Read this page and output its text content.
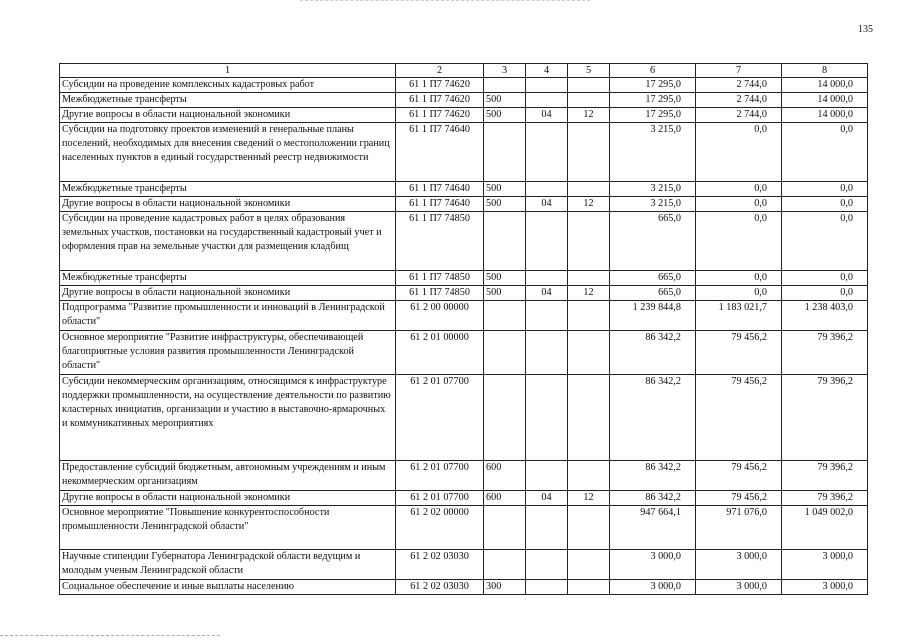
135
1	2	3	4	5	6	7	8
Субсидии на проведение комплексных кадастровых работ	61 1 П7 74620				17 295,0	2 744,0	14 000,0
Межбюджетные трансферты	61 1 П7 74620	500			17 295,0	2 744,0	14 000,0
Другие вопросы в области национальной экономики	61 1 П7 74620	500	04	12	17 295,0	2 744,0	14 000,0
Субсидии на подготовку проектов изменений в генеральные планы поселений, необходимых для внесения сведений о местоположении границ населенных пунктов в единый государственный реестр недвижимости	61 1 П7 74640				3 215,0	0,0	0,0
Межбюджетные трансферты	61 1 П7 74640	500			3 215,0	0,0	0,0
Другие вопросы в области национальной экономики	61 1 П7 74640	500	04	12	3 215,0	0,0	0,0
Субсидии на проведение кадастровых работ в целях образования земельных участков, постановки на государственный кадастровый учет и оформления прав на земельные участки для размещения кладбищ	61 1 П7 74850				665,0	0,0	0,0
Межбюджетные трансферты	61 1 П7 74850	500			665,0	0,0	0,0
Другие вопросы в области национальной экономики	61 1 П7 74850	500	04	12	665,0	0,0	0,0
Подпрограмма "Развитие промышленности и инноваций в Ленинградской области"	61 2 00 00000				1 239 844,8	1 183 021,7	1 238 403,0
Основное мероприятие "Развитие инфраструктуры, обеспечивающей благоприятные условия развития промышленности Ленинградской области"	61 2 01 00000				86 342,2	79 456,2	79 396,2
Субсидии некоммерческим организациям, относящимся к инфраструктуре поддержки промышленности, на осуществление деятельности по развитию кластерных инициатив, организации и участию в выставочно-ярмарочных и коммуникативных мероприятиях	61 2 01 07700				86 342,2	79 456,2	79 396,2
Предоставление субсидий бюджетным, автономным учреждениям и иным некоммерческим организациям	61 2 01 07700	600			86 342,2	79 456,2	79 396,2
Другие вопросы в области национальной экономики	61 2 01 07700	600	04	12	86 342,2	79 456,2	79 396,2
Основное мероприятие "Повышение конкурентоспособности промышленности Ленинградской области"	61 2 02 00000				947 664,1	971 076,0	1 049 002,0
Научные стипендии Губернатора Ленинградской области ведущим и молодым ученым Ленинградской области	61 2 02 03030				3 000,0	3 000,0	3 000,0
Социальное обеспечение и иные выплаты населению	61 2 02 03030	300			3 000,0	3 000,0	3 000,0
